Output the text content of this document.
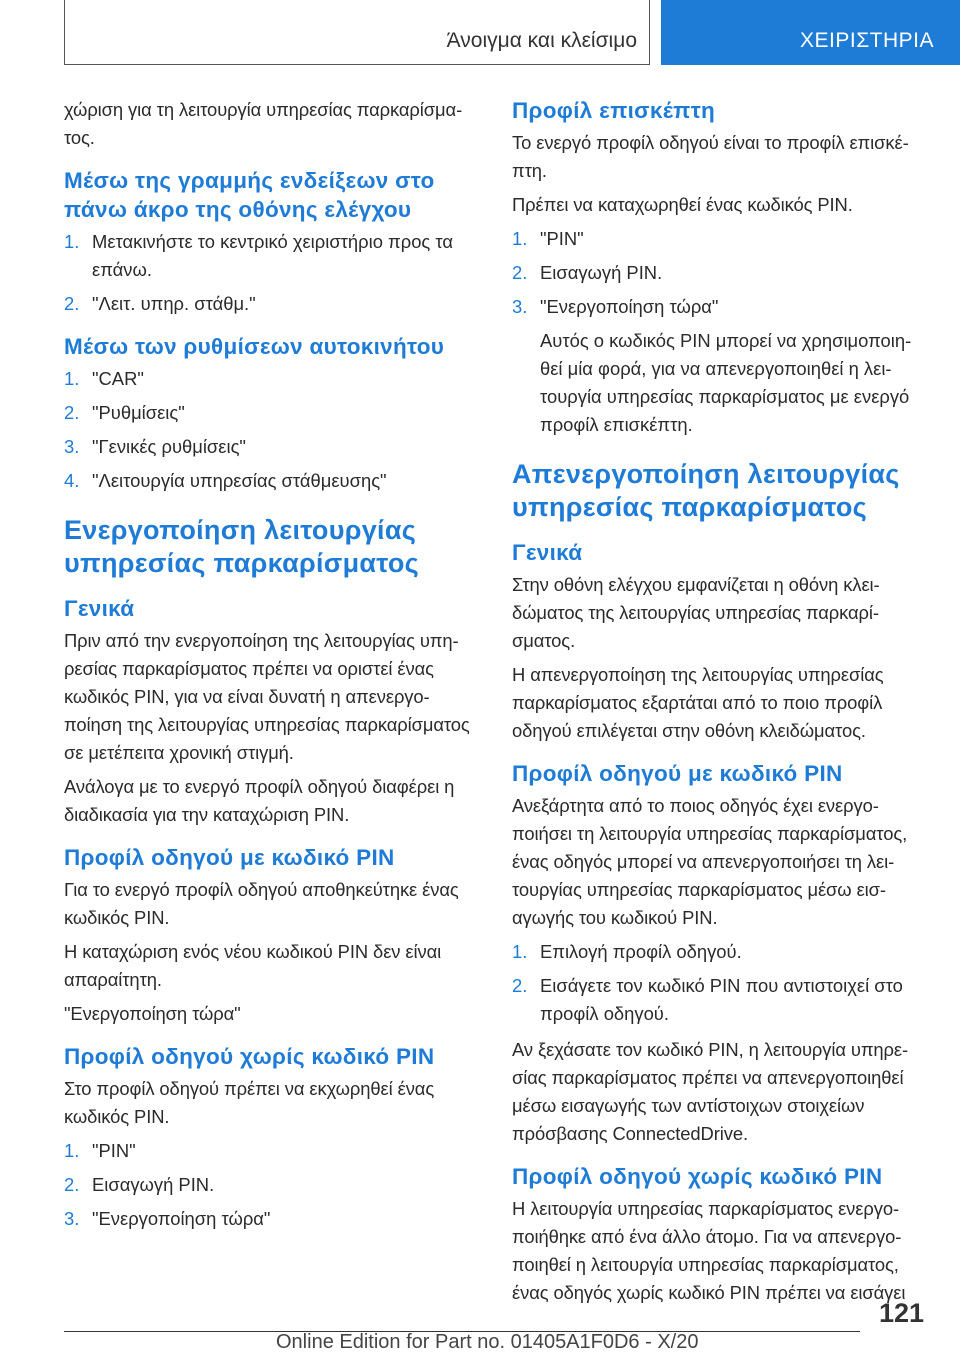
Άνοιγμα και κλείσιμο	ΧΕΙΡΙΣΤΗΡΙΑ

χώριση για τη λειτουργία υπηρεσίας παρκαρίσματος.

Μέσω της γραμμής ενδείξεων στο πάνω άκρο της οθόνης ελέγχου
1. Μετακινήστε το κεντρικό χειριστήριο προς τα επάνω.
2. "Λειτ. υπηρ. στάθμ."
Μέσω των ρυθμίσεων αυτοκινήτου
1. "CAR"
2. "Ρυθμίσεις"
3. "Γενικές ρυθμίσεις"
4. "Λειτουργία υπηρεσίας στάθμευσης"
Ενεργοποίηση λειτουργίας υπηρεσίας παρκαρίσματος
Γενικά

Πριν από την ενεργοποίηση της λειτουργίας υπηρεσίας παρκαρίσματος πρέπει να οριστεί ένας κωδικός PIN, για να είναι δυνατή η απενεργοποίηση της λειτουργίας υπηρεσίας παρκαρίσματος σε μετέπειτα χρονική στιγμή.

Ανάλογα με το ενεργό προφίλ οδηγού διαφέρει η διαδικασία για την καταχώριση PIN.

Προφίλ οδηγού με κωδικό PIN

Για το ενεργό προφίλ οδηγού αποθηκεύτηκε ένας κωδικός PIN.

Η καταχώριση ενός νέου κωδικού PIN δεν είναι απαραίτητη.

"Ενεργοποίηση τώρα"

Προφίλ οδηγού χωρίς κωδικό PIN

Στο προφίλ οδηγού πρέπει να εκχωρηθεί ένας κωδικός PIN.

1. "PIN"
2. Εισαγωγή PIN.
3. "Ενεργοποίηση τώρα"
Προφίλ επισκέπτη

Το ενεργό προφίλ οδηγού είναι το προφίλ επισκέπτη.

Πρέπει να καταχωρηθεί ένας κωδικός PIN.

1. "PIN"
2. Εισαγωγή PIN.
3. "Ενεργοποίηση τώρα"
Αυτός ο κωδικός PIN μπορεί να χρησιμοποιηθεί μία φορά, για να απενεργοποιηθεί η λειτουργία υπηρεσίας παρκαρίσματος με ενεργό προφίλ επισκέπτη.
Απενεργοποίηση λειτουργίας υπηρεσίας παρκαρίσματος
Γενικά

Στην οθόνη ελέγχου εμφανίζεται η οθόνη κλειδώματος της λειτουργίας υπηρεσίας παρκαρίσματος.

Η απενεργοποίηση της λειτουργίας υπηρεσίας παρκαρίσματος εξαρτάται από το ποιο προφίλ οδηγού επιλέγεται στην οθόνη κλειδώματος.

Προφίλ οδηγού με κωδικό PIN

Ανεξάρτητα από το ποιος οδηγός έχει ενεργοποιήσει τη λειτουργία υπηρεσίας παρκαρίσματος, ένας οδηγός μπορεί να απενεργοποιήσει τη λειτουργίας υπηρεσίας παρκαρίσματος μέσω εισαγωγής του κωδικού PIN.

1. Επιλογή προφίλ οδηγού.
2. Εισάγετε τον κωδικό PIN που αντιστοιχεί στο προφίλ οδηγού.

Αν ξεχάσατε τον κωδικό PIN, η λειτουργία υπηρεσίας παρκαρίσματος πρέπει να απενεργοποιηθεί μέσω εισαγωγής των αντίστοιχων στοιχείων πρόσβασης ConnectedDrive.

Προφίλ οδηγού χωρίς κωδικό PIN

Η λειτουργία υπηρεσίας παρκαρίσματος ενεργοποιήθηκε από ένα άλλο άτομο. Για να απενεργοποιηθεί η λειτουργία υπηρεσίας παρκαρίσματος, ένας οδηγός χωρίς κωδικό PIN πρέπει να εισάγει

121
Online Edition for Part no. 01405A1F0D6 - X/20
